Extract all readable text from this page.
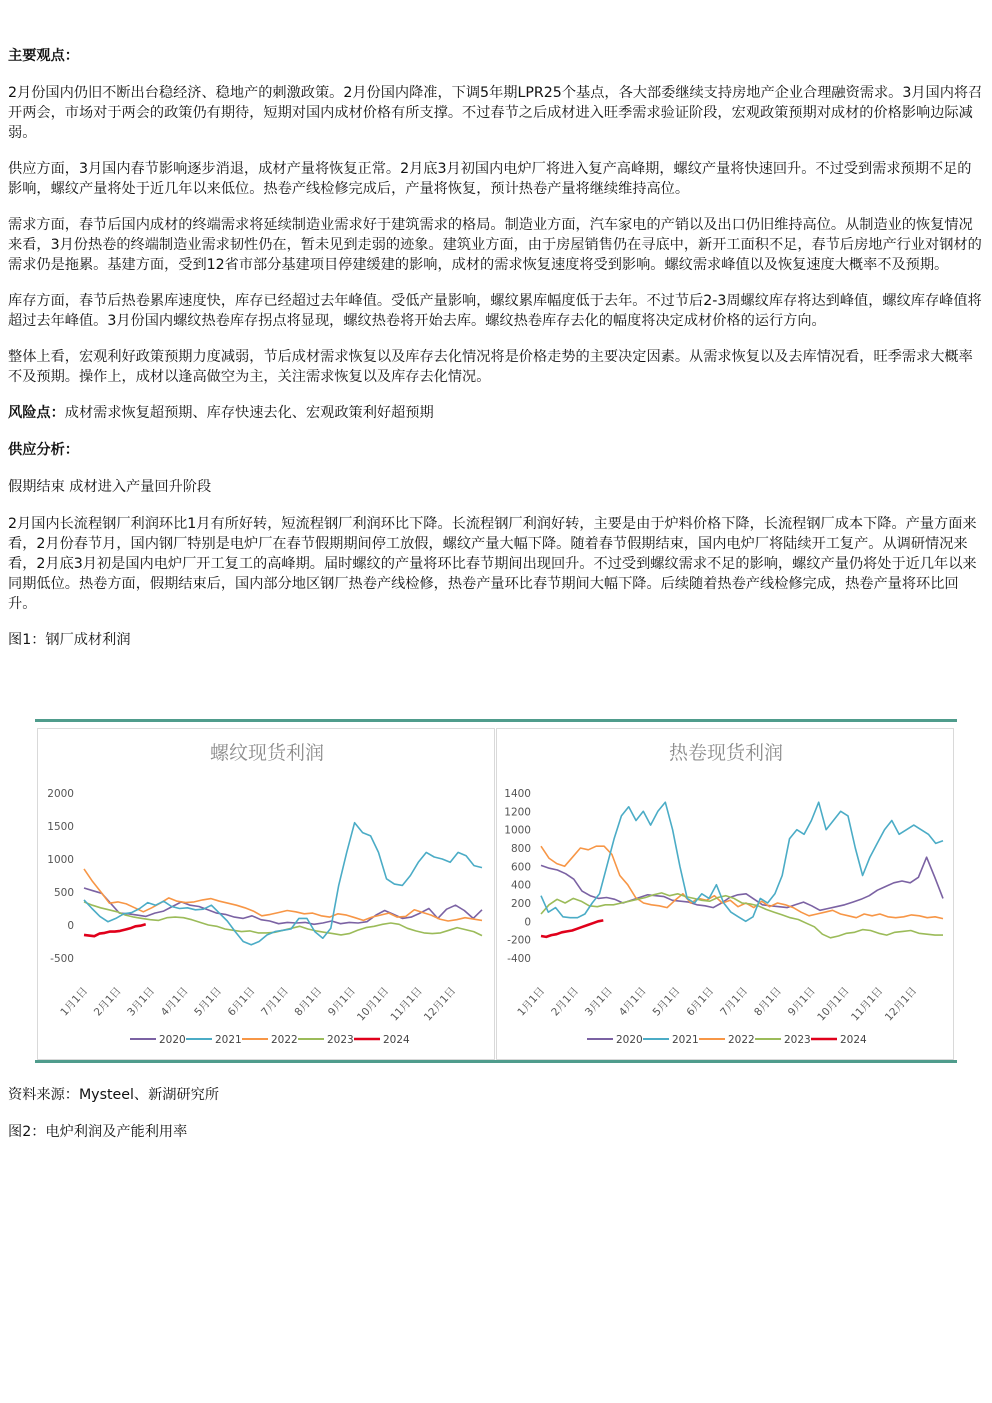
主要观点：

2月份国内仍旧不断出台稳经济、稳地产的刺激政策。2月份国内降准，下调5年期LPR25个基点，各大部委继续支持房地产企业合理融资需求。3月国内将召开两会，市场对于两会的政策仍有期待，短期对国内成材价格有所支撑。不过春节之后成材进入旺季需求验证阶段，宏观政策预期对成材的价格影响边际减弱。

供应方面，3月国内春节影响逐步消退，成材产量将恢复正常。2月底3月初国内电炉厂将进入复产高峰期，螺纹产量将快速回升。不过受到需求预期不足的影响，螺纹产量将处于近几年以来低位。热卷产线检修完成后，产量将恢复，预计热卷产量将继续维持高位。

需求方面，春节后国内成材的终端需求将延续制造业需求好于建筑需求的格局。制造业方面，汽车家电的产销以及出口仍旧维持高位。从制造业的恢复情况来看，3月份热卷的终端制造业需求韧性仍在，暂未见到走弱的迹象。建筑业方面，由于房屋销售仍在寻底中，新开工面积不足，春节后房地产行业对钢材的需求仍是拖累。基建方面，受到12省市部分基建项目停建缓建的影响，成材的需求恢复速度将受到影响。螺纹需求峰值以及恢复速度大概率不及预期。

库存方面，春节后热卷累库速度快，库存已经超过去年峰值。受低产量影响，螺纹累库幅度低于去年。不过节后2-3周螺纹库存将达到峰值，螺纹库存峰值将超过去年峰值。3月份国内螺纹热卷库存拐点将显现，螺纹热卷将开始去库。螺纹热卷库存去化的幅度将决定成材价格的运行方向。

整体上看，宏观利好政策预期力度减弱，节后成材需求恢复以及库存去化情况将是价格走势的主要决定因素。从需求恢复以及去库情况看，旺季需求大概率不及预期。操作上，成材以逢高做空为主，关注需求恢复以及库存去化情况。

风险点：成材需求恢复超预期、库存快速去化、宏观政策利好超预期

供应分析：

假期结束 成材进入产量回升阶段

2月国内长流程钢厂利润环比1月有所好转，短流程钢厂利润环比下降。长流程钢厂利润好转，主要是由于炉料价格下降，长流程钢厂成本下降。产量方面来看，2月份春节月，国内钢厂特别是电炉厂在春节假期期间停工放假，螺纹产量大幅下降。随着春节假期结束，国内电炉厂将陆续开工复产。从调研情况来看，2月底3月初是国内电炉厂开工复工的高峰期。届时螺纹的产量将环比春节期间出现回升。不过受到螺纹需求不足的影响，螺纹产量仍将处于近几年以来同期低位。热卷方面，假期结束后，国内部分地区钢厂热卷产线检修，热卷产量环比春节期间大幅下降。后续随着热卷产线检修完成，热卷产量将环比回升。

图1：钢厂成材利润

螺纹现货利润
-500
0
500
1000
1500
2000
1月1日 2月1日 3月1日 4月1日 5月1日 6月1日 7月1日 8月1日 9月1日
10月1日
11月1日
12月1日
2020	2021	2022	2023	2024
热卷现货利润
-400
-200
0
200
400
600
800
1000
1200
1400
1月1日 2月1日 3月1日 4月1日 5月1日 6月1日 7月1日 8月1日 9月1日
10月1日
11月1日
12月1日
2020	2021	2022	2023	2024

资料来源：Mysteel、新湖研究所

图2：电炉利润及产能利用率
